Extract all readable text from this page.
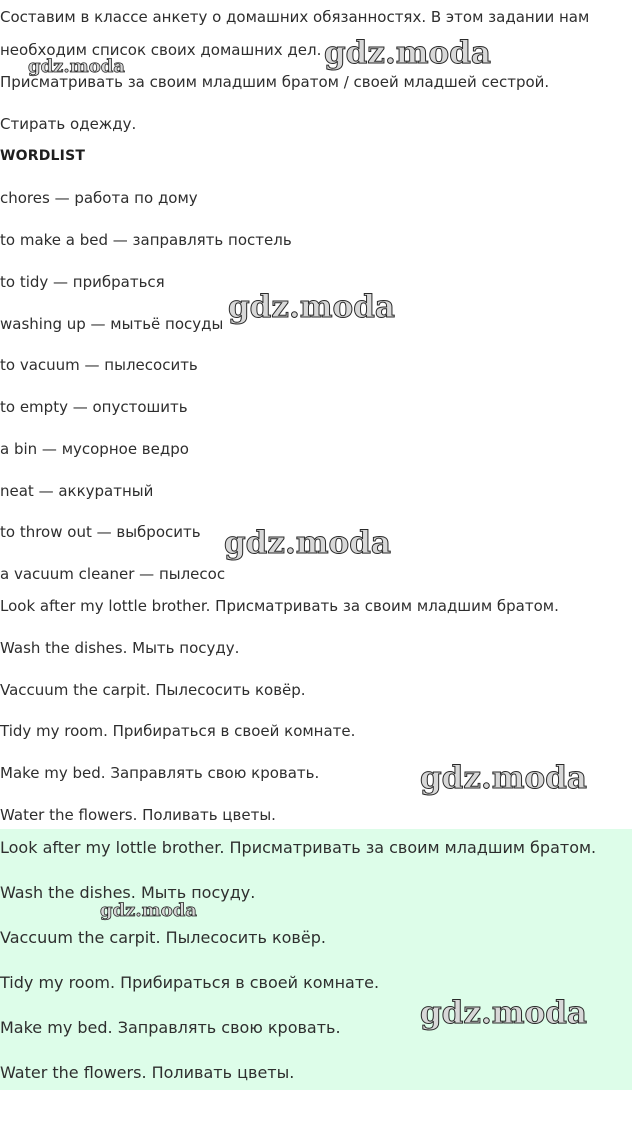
Составим в классе анкету о домашних обязанностях. В этом задании нам

необходим список своих домашних дел.

Присматривать за своим младшим братом / своей младшей сестрой.

Стирать одежду.

WORDLIST

chores — работа по дому

to make a bed — заправлять постель

to tidy — прибраться

washing up — мытьё посуды

to vacuum — пылесосить

to empty — опустошить

a bin — мусорное ведро

neat — аккуратный

to throw out — выбросить

a vacuum cleaner — пылесос

Look after my lottle brother. Присматривать за своим младшим братом.

Wash the dishes. Мыть посуду.

Vaccuum the carpit. Пылесосить ковёр.

Tidy my room. Прибираться в своей комнате.

Make my bed. Заправлять свою кровать.

Water the flowers. Поливать цветы.

Look after my lottle brother. Присматривать за своим младшим братом.

Wash the dishes. Мыть посуду.

Vaccuum the carpit. Пылесосить ковёр.

Tidy my room. Прибираться в своей комнате.

Make my bed. Заправлять свою кровать.

Water the flowers. Поливать цветы.

gdz.moda
gdz.moda
gdz.moda
gdz.moda
gdz.moda
gdz.moda
gdz.moda
